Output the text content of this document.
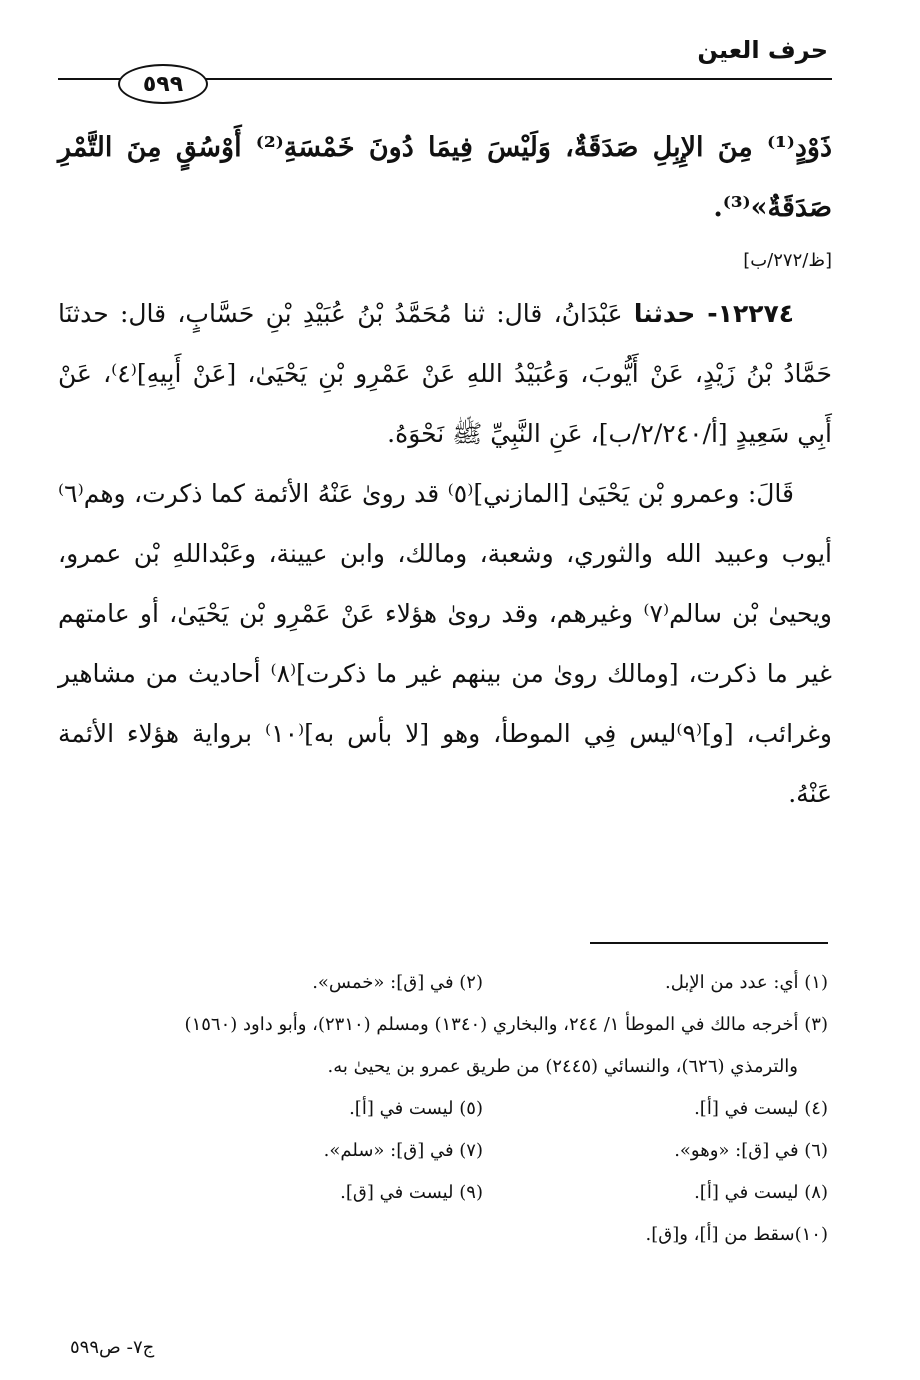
حرف العين
٥٩٩

ذَوْدٍ⁽¹⁾ مِنَ الإِبِلِ صَدَقَةٌ، وَلَيْسَ فِيمَا دُونَ خَمْسَةِ⁽²⁾ أَوْسُقٍ مِنَ التَّمْرِ صَدَقَةٌ»⁽³⁾.

[ظ/٢٧٢/ب]

١٢٢٧٤- حدثنا عَبْدَانُ، قال: ثنا مُحَمَّدُ بْنُ عُبَيْدِ بْنِ حَسَّابٍ، قال: حدثنَا حَمَّادُ بْنُ زَيْدٍ، عَنْ أَيُّوبَ، وَعُبَيْدُ اللهِ عَنْ عَمْرِو بْنِ يَحْيَىٰ، [عَنْ أَبِيهِ]⁽٤⁾، عَنْ أَبِي سَعِيدٍ [أ/٢/٢٤٠/ب]، عَنِ النَّبِيِّ ﷺ نَحْوَهُ.

قَالَ: وعمرو بْن يَحْيَىٰ [المازني]⁽٥⁾ قد روىٰ عَنْهُ الأئمة كما ذكرت، وهم⁽٦⁾ أيوب وعبيد الله والثوري، وشعبة، ومالك، وابن عيينة، وعَبْداللهِ بْن عمرو، ويحيىٰ بْن سالم⁽٧⁾ وغيرهم، وقد روىٰ هؤلاء عَنْ عَمْرِو بْن يَحْيَىٰ، أو عامتهم غير ما ذكرت، [ومالك روىٰ من بينهم غير ما ذكرت]⁽٨⁾ أحاديث من مشاهير وغرائب، [و]⁽٩⁾ليس فِي الموطأ، وهو [لا بأس به]⁽١٠⁾ برواية هؤلاء الأئمة عَنْهُ.

(١) أي: عدد من الإبل.
(٢) في [ق]: «خمس».
(٣) أخرجه مالك في الموطأ ١/ ٢٤٤، والبخاري (١٣٤٠) ومسلم (٢٣١٠)، وأبو داود (١٥٦٠)
والترمذي (٦٢٦)، والنسائي (٢٤٤٥) من طريق عمرو بن يحيىٰ به.
(٤) ليست في [أ].
(٥) ليست في [أ].
(٦) في [ق]: «وهو».
(٧) في [ق]: «سلم».
(٨) ليست في [أ].
(٩) ليست في [ق].
(١٠)سقط من [أ]، و[ق].
ج٧- ص٥٩٩
